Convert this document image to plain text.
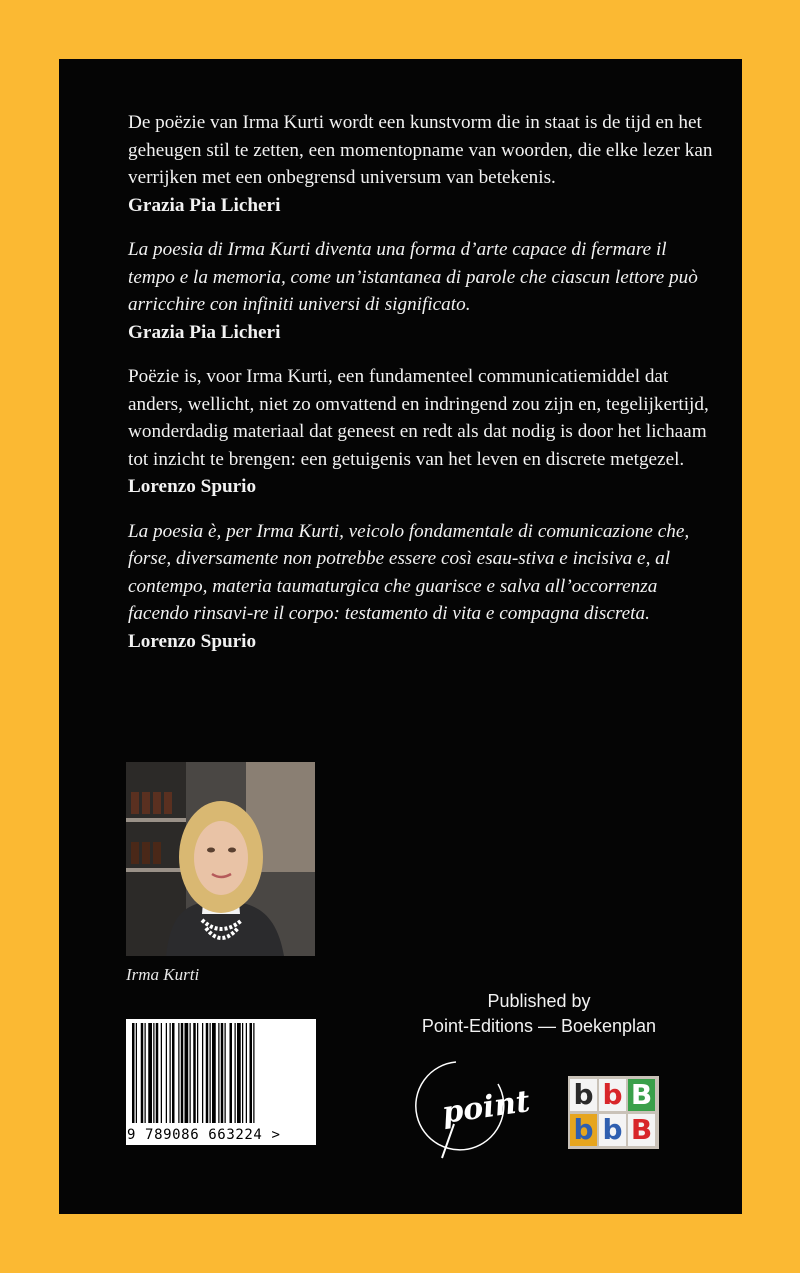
De poëzie van Irma Kurti wordt een kunstvorm die in staat is de tijd en het geheugen stil te zetten, een momentopname van woorden, die elke lezer kan verrijken met een onbegrensd universum van betekenis.
Grazia Pia Licheri

La poesia di Irma Kurti diventa una forma d’arte capace di fermare il tempo e la memoria, come un’istantanea di parole che ciascun lettore può arricchire con infiniti universi di significato.
Grazia Pia Licheri

Poëzie is, voor Irma Kurti, een fundamenteel communicatiemiddel dat anders, wellicht, niet zo omvattend en indringend zou zijn en, tegelijkertijd, wonderdadig materiaal dat geneest en redt als dat nodig is door het lichaam tot inzicht te brengen: een getuigenis van het leven en discrete metgezel.
Lorenzo Spurio

La poesia è, per Irma Kurti, veicolo fondamentale di comunicazione che, forse, diversamente non potrebbe essere così esau-stiva e incisiva e, al contempo, materia taumaturgica che guarisce e salva all’occorrenza facendo rinsavi-re il corpo: testamento di vita e compagna discreta.
Lorenzo Spurio

Irma Kurti
9 789086 663224 >
Published by
Point-Editions — Boekenplan
point b b B
b b B
